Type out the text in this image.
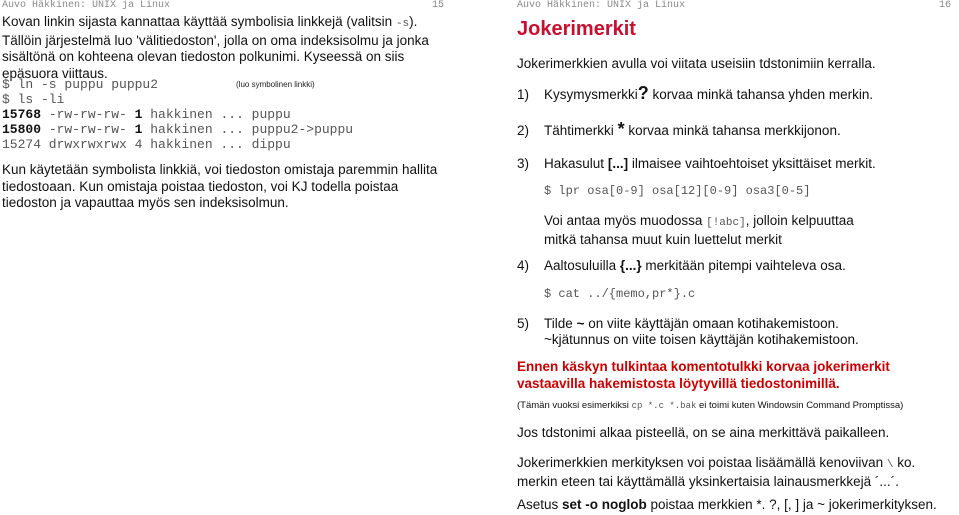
Auvo Häkkinen: UNIX ja Linux	15
Kovan linkin sijasta kannattaa käyttää symbolisia linkkejä (valitsin -s). Tällöin järjestelmä luo 'välitiedoston', jolla on oma indeksisolmu ja jonka sisältönä on kohteena olevan tiedoston polkunimi. Kyseessä on siis epäsuora viittaus.
$ ln -s puppu puppu2	(luo symbolinen linkki)
$ ls -li
15768 -rw-rw-rw- 1 hakkinen ... puppu
15800 -rw-rw-rw- 1 hakkinen ... puppu2->puppu
15274 drwxrwxrwx 4 hakkinen ... dippu
Kun käytetään symbolista linkkiä, voi tiedoston omistaja paremmin hallita tiedostoaan. Kun omistaja poistaa tiedoston, voi KJ todella poistaa tiedoston ja vapauttaa myös sen indeksisolmun.
Auvo Häkkinen: UNIX ja Linux	16
Jokerimerkit
Jokerimerkkien avulla voi viitata useisiin tdstonimiin kerralla.
1) Kysymysmerkki? korvaa minkä tahansa yhden merkin.
2) Tähtimerkki * korvaa minkä tahansa merkkijonon.
3) Hakasulut [...] ilmaisee vaihtoehtoiset yksittäiset merkit.
$ lpr osa[0-9] osa[12][0-9] osa3[0-5]
Voi antaa myös muodossa [!abc], jolloin kelpuuttaa
mitkä tahansa muut kuin luettelut merkit
4) Aaltosuluilla {...} merkitään pitempi vaihteleva osa.
$ cat ../{memo,pr*}.c
5) Tilde ~ on viite käyttäjän omaan kotihakemistoon.
~kjätunnus on viite toisen käyttäjän kotihakemistoon.
Ennen käskyn tulkintaa komentotulkki korvaa jokerimerkit vastaavilla hakemistosta löytyvillä tiedostonimillä.
(Tämän vuoksi esimerkiksi cp *.c *.bak ei toimi kuten Windowsin Command Promptissa)
Jos tdstonimi alkaa pisteellä, on se aina merkittävä paikalleen.
Jokerimerkkien merkityksen voi poistaa lisäämällä kenoviivan \ ko. merkin eteen tai käyttämällä yksinkertaisia lainausmerkkejä ´...´.
Asetus set -o noglob poistaa merkkien *. ?, [, ] ja ~ jokerimerkityksen.
